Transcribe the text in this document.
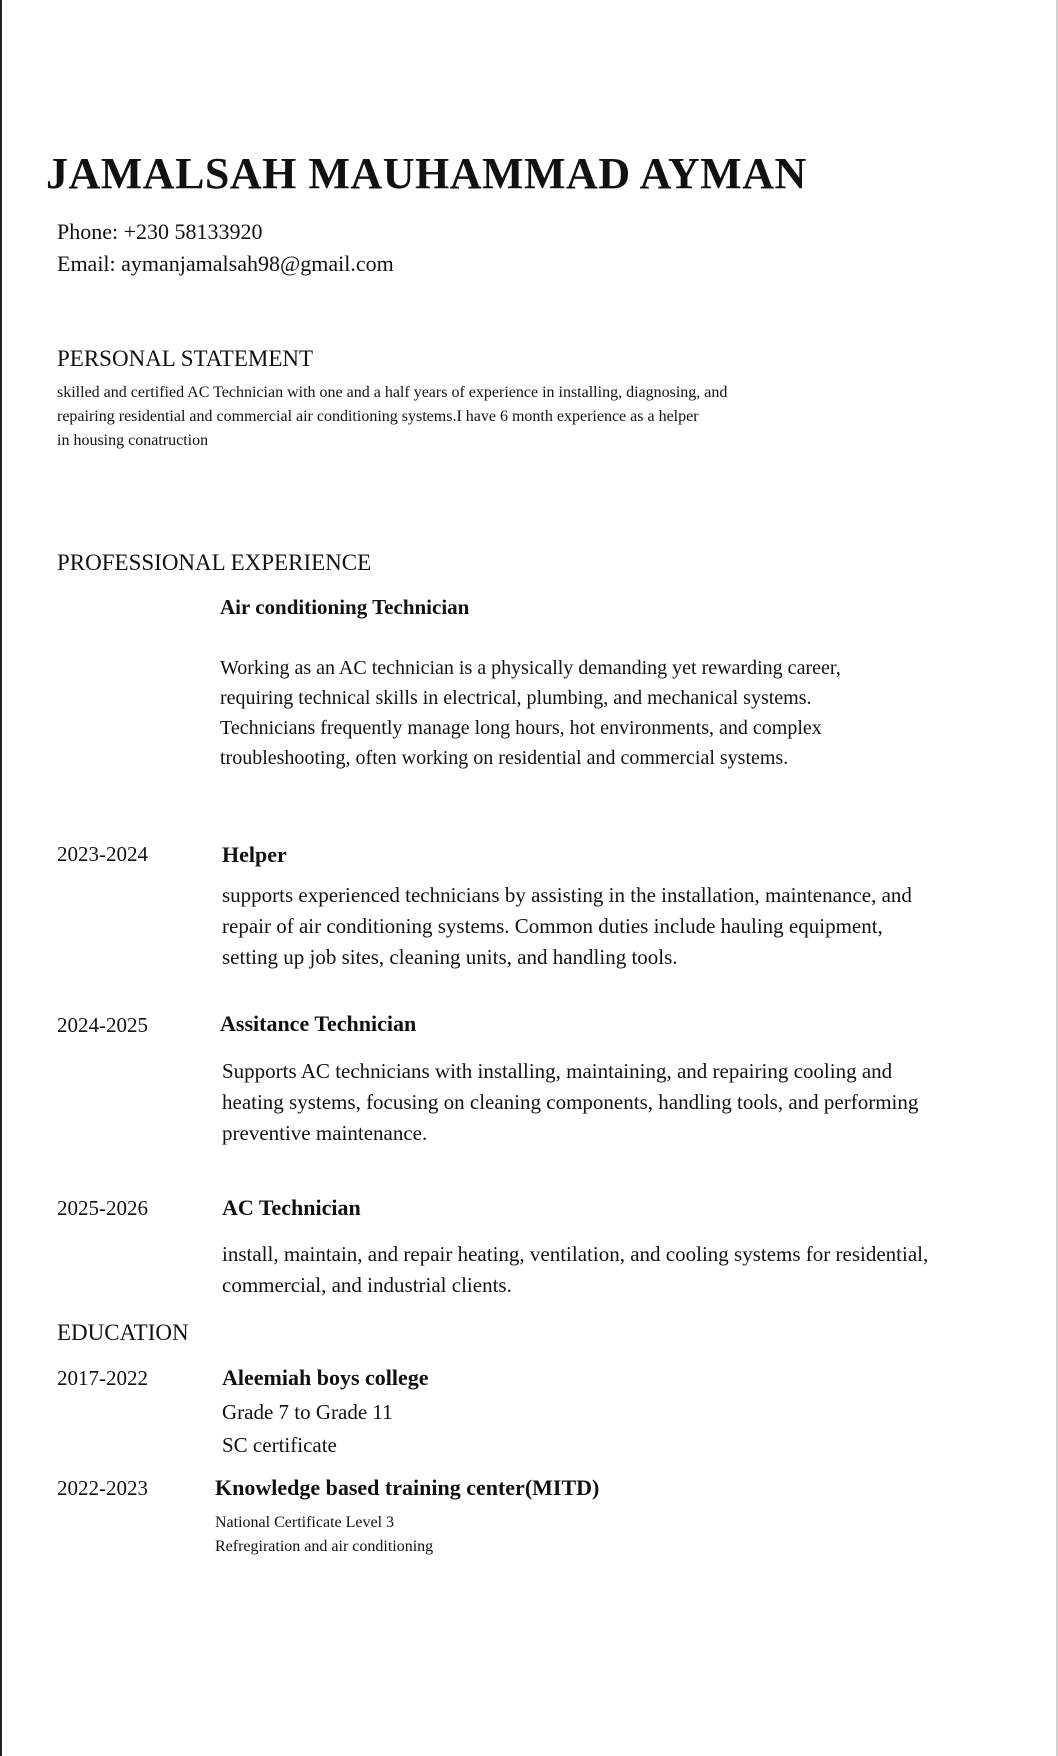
JAMALSAH MAUHAMMAD AYMAN
Phone: +230 58133920
Email: aymanjamalsah98@gmail.com
PERSONAL STATEMENT
skilled and certified AC Technician with one and a half years of experience in installing, diagnosing, and
repairing residential and commercial air conditioning systems.I have 6 month experience as a helper
in housing conatruction
PROFESSIONAL EXPERIENCE
Air conditioning Technician
Working as an AC technician is a physically demanding yet rewarding career,
requiring technical skills in electrical, plumbing, and mechanical systems.
Technicians frequently manage long hours, hot environments, and complex
troubleshooting, often working on residential and commercial systems.
2023-2024	Helper
supports experienced technicians by assisting in the installation, maintenance, and
repair of air conditioning systems. Common duties include hauling equipment,
setting up job sites, cleaning units, and handling tools.
2024-2025	Assitance Technician
Supports AC technicians with installing, maintaining, and repairing cooling and
heating systems, focusing on cleaning components, handling tools, and performing
preventive maintenance.
2025-2026	AC Technician
install, maintain, and repair heating, ventilation, and cooling systems for residential,
commercial, and industrial clients.
EDUCATION
2017-2022	Aleemiah boys college
Grade 7 to Grade 11
SC certificate
2022-2023	Knowledge based training center(MITD)
National Certificate Level 3
Refregiration and air conditioning
